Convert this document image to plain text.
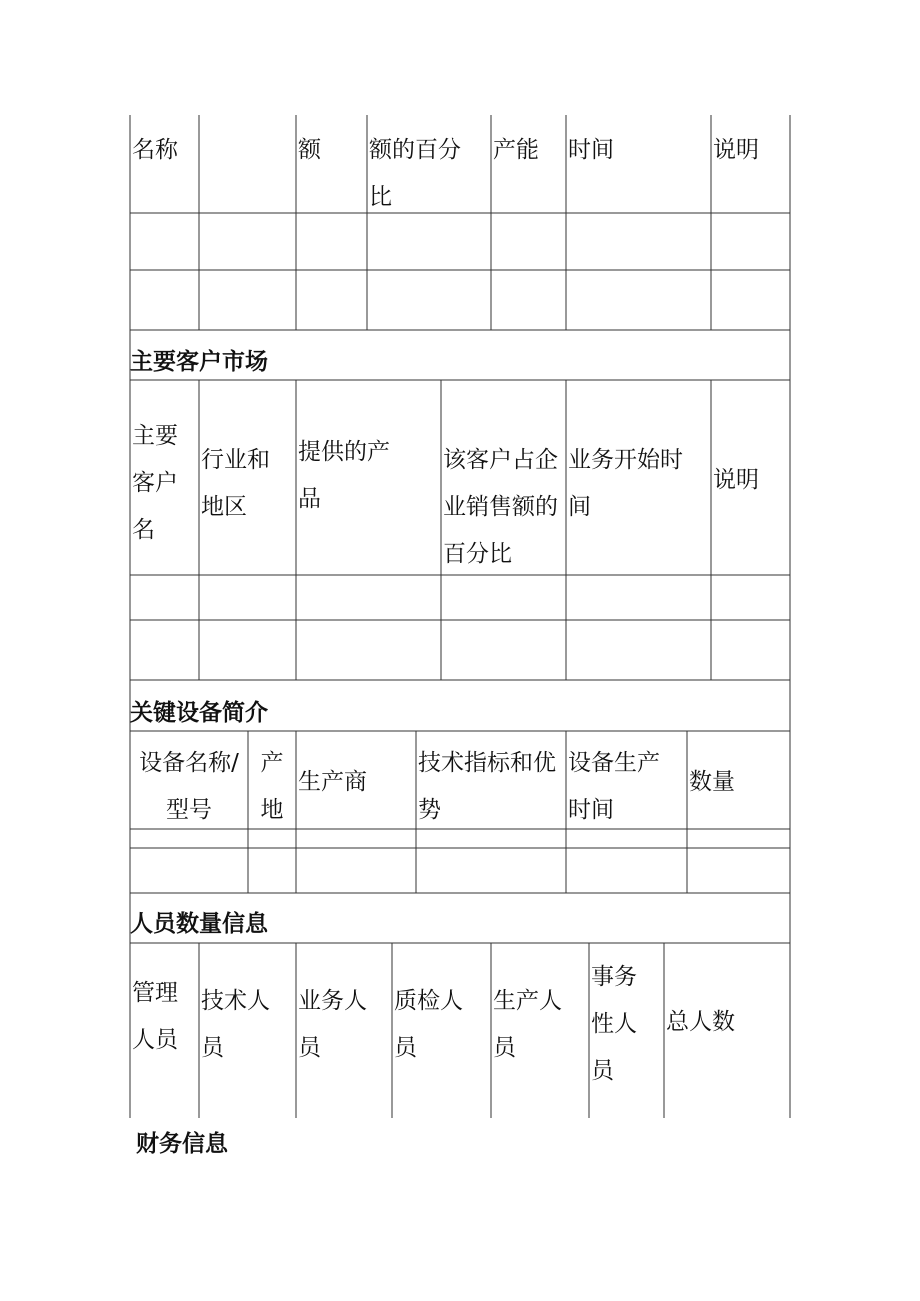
名称	额 额的百分
比
产能 时间	说明
主要客户市场
主要
客户
名
行业和
地区
提供的产
品
该客户占企
业销售额的
百分比
业务开始时
间
说明
关键设备简介
设备名称/
型号
产
地
生产商
技术指标和优
势
设备生产
时间
数量
人员数量信息
管理
人员
技术人
员
业务人
员
质检人
员
生产人
员
事务
性人
员
总人数
财务信息
